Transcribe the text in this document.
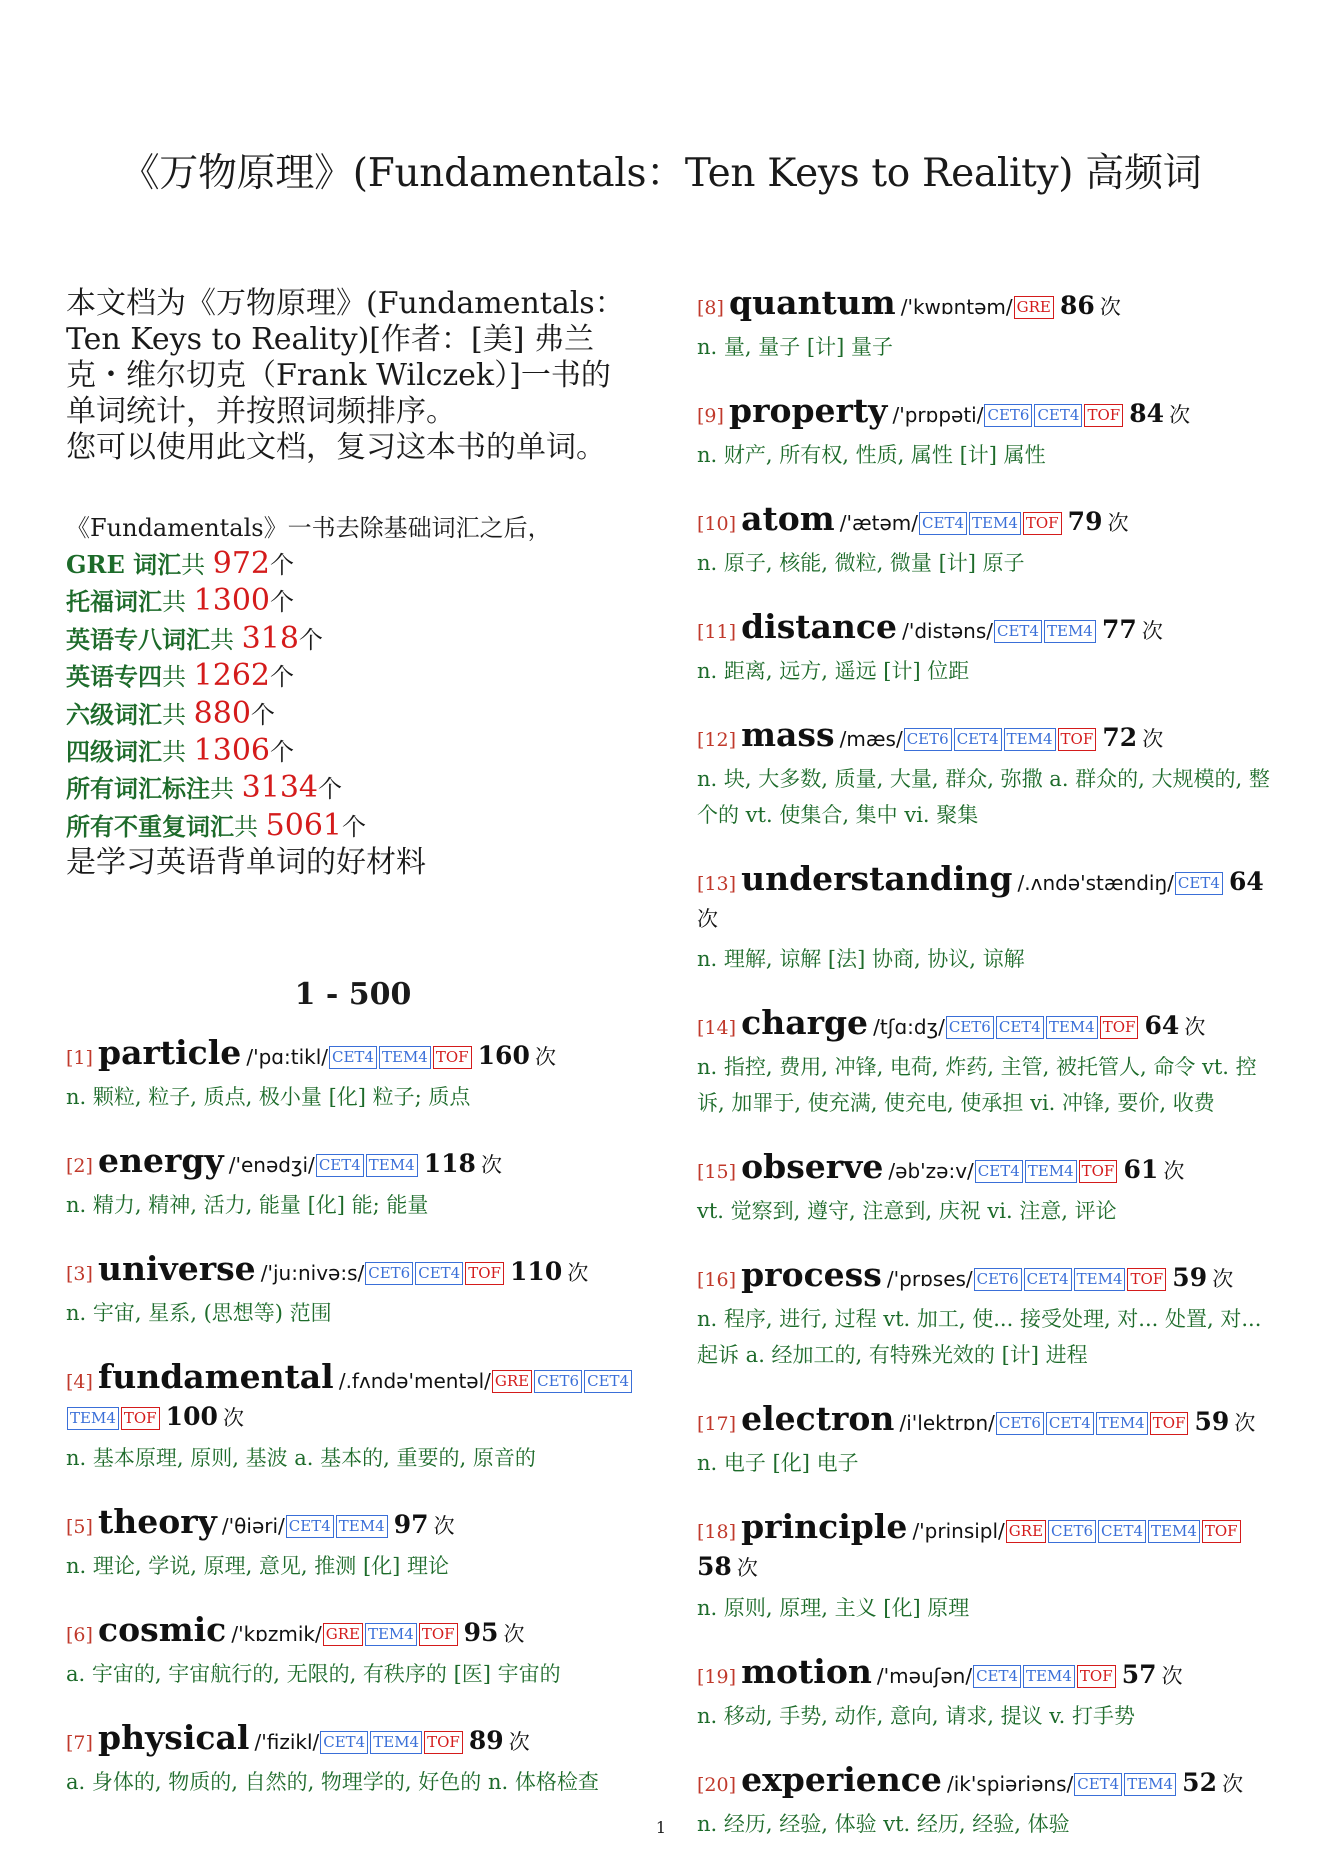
《万物原理》(Fundamentals：Ten Keys to Reality) 高频词
本文档为《万物原理》(Fundamentals：Ten Keys to Reality)[作者：[美] 弗兰克・维尔切克（Frank Wilczek）]一书的单词统计，并按照词频排序。
您可以使用此文档，复习这本书的单词。
《Fundamentals》一书去除基础词汇之后，
GRE 词汇共 972个
托福词汇共 1300个
英语专八词汇共 318个
英语专四共 1262个
六级词汇共 880个
四级词汇共 1306个
所有词汇标注共 3134个
所有不重复词汇共 5061个
是学习英语背单词的好材料
1 - 500
[1] particle /'pɑ:tikl/ CET4 TEM4 TOF 160 次
n. 颗粒, 粒子, 质点, 极小量 [化] 粒子; 质点
[2] energy /'enədʒi/ CET4 TEM4 118 次
n. 精力, 精神, 活力, 能量 [化] 能; 能量
[3] universe /'ju:nivə:s/ CET6 CET4 TOF 110 次
n. 宇宙, 星系, (思想等) 范围
[4] fundamental /.fʌndə'mentəl/ GRE CET6 CET4TEM4 TOF 100 次
n. 基本原理, 原则, 基波 a. 基本的, 重要的, 原音的
[5] theory /'θiəri/ CET4 TEM4 97 次
n. 理论, 学说, 原理, 意见, 推测 [化] 理论
[6] cosmic /'kɒzmik/ GRE TEM4 TOF 95 次
a. 宇宙的, 宇宙航行的, 无限的, 有秩序的 [医] 宇宙的
[7] physical /'fizikl/ CET4 TEM4 TOF 89 次
a. 身体的, 物质的, 自然的, 物理学的, 好色的 n. 体格检查
[8] quantum /'kwɒntəm/ GRE 86 次
n. 量, 量子 [计] 量子
[9] property /'prɒpəti/ CET6 CET4 TOF 84 次
n. 财产, 所有权, 性质, 属性 [计] 属性
[10] atom /'ætəm/ CET4 TEM4 TOF 79 次
n. 原子, 核能, 微粒, 微量 [计] 原子
[11] distance /'distəns/ CET4 TEM4 77 次
n. 距离, 远方, 遥远 [计] 位距
[12] mass /mæs/ CET6 CET4 TEM4 TOF 72 次
n. 块, 大多数, 质量, 大量, 群众, 弥撒 a. 群众的, 大规模的, 整个的 vt. 使集合, 集中 vi. 聚集
[13] understanding /.ʌndə'stændiŋ/ CET4 64 次
n. 理解, 谅解 [法] 协商, 协议, 谅解
[14] charge /tʃɑ:dʒ/ CET6 CET4 TEM4 TOF 64 次
n. 指控, 费用, 冲锋, 电荷, 炸药, 主管, 被托管人, 命令 vt. 控诉, 加罪于, 使充满, 使充电, 使承担 vi. 冲锋, 要价, 收费
[15] observe /əb'zə:v/ CET4 TEM4 TOF 61 次
vt. 觉察到, 遵守, 注意到, 庆祝 vi. 注意, 评论
[16] process /'prɒses/ CET6 CET4 TEM4 TOF 59 次
n. 程序, 进行, 过程 vt. 加工, 使... 接受处理, 对... 处置, 对... 起诉 a. 经加工的, 有特殊光效的 [计] 进程
[17] electron /i'lektrɒn/ CET6 CET4 TEM4 TOF 59 次
n. 电子 [化] 电子
[18] principle /'prinsipl/ GRE CET6 CET4 TEM4 TOF 58 次
n. 原则, 原理, 主义 [化] 原理
[19] motion /'məuʃən/ CET4 TEM4 TOF 57 次
n. 移动, 手势, 动作, 意向, 请求, 提议 v. 打手势
[20] experience /ik'spiəriəns/ CET4 TEM4 52 次
n. 经历, 经验, 体验 vt. 经历, 经验, 体验
1
